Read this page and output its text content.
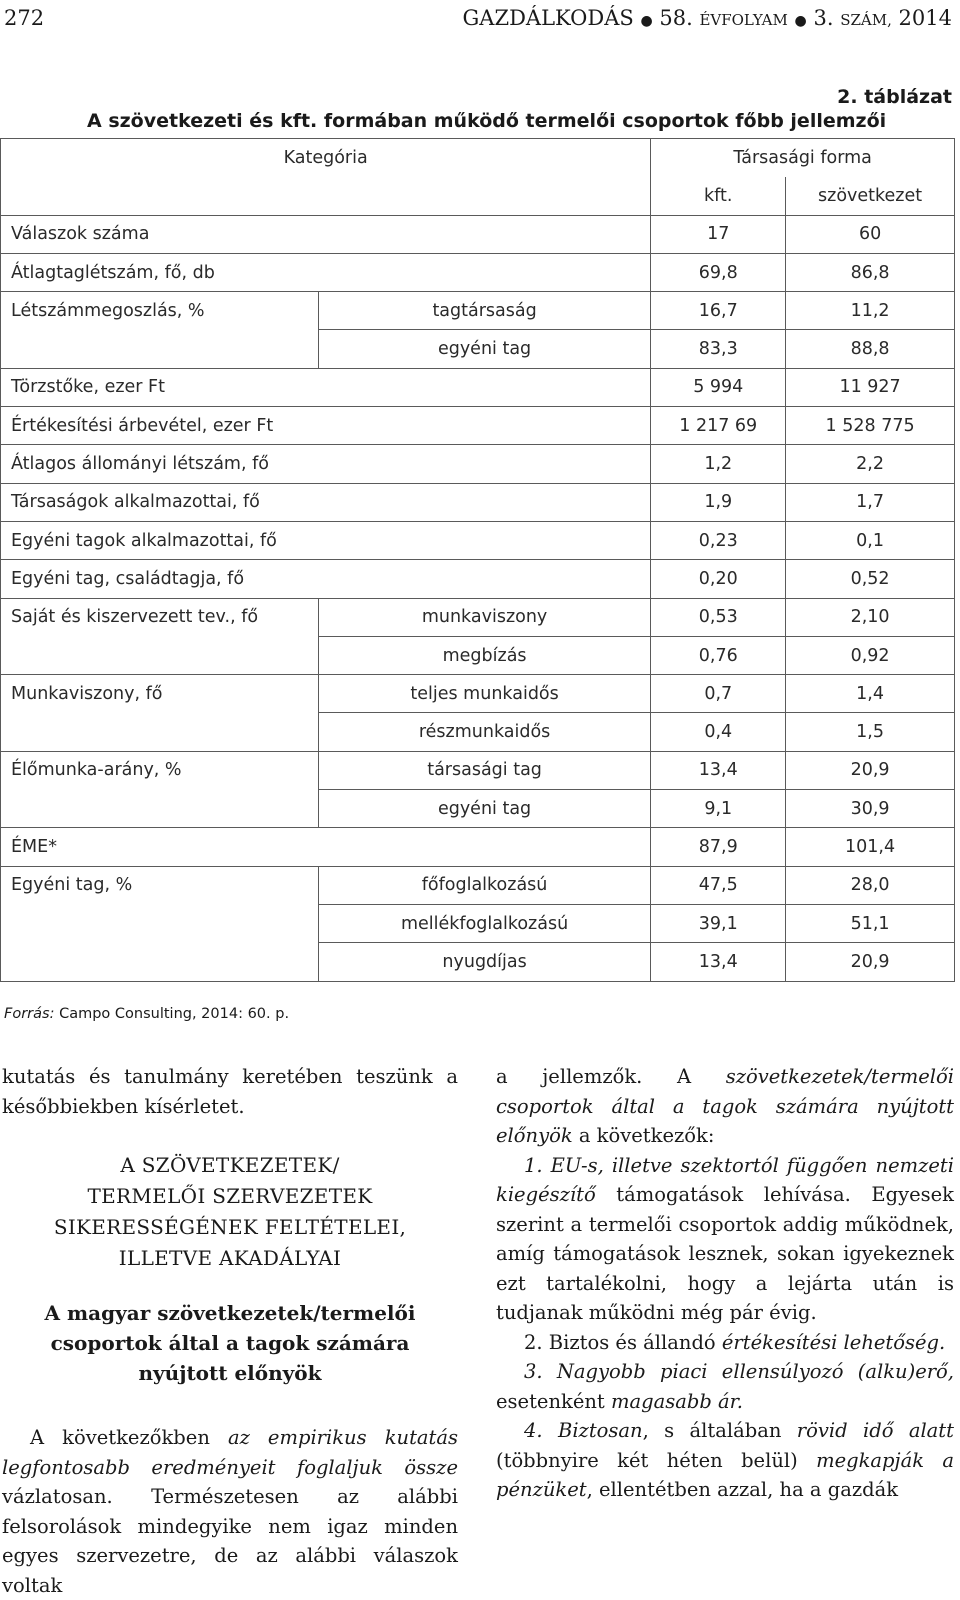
272	GAZDÁLKODÁS ● 58. ÉVFOLYAM ● 3. SZÁM, 2014
2. táblázat
A szövetkezeti és kft. formában működő termelői csoportok főbb jellemzői
Kategória		Társasági forma	
		kft.	szövetkezet
Válaszok száma		17	60
Átlagtaglétszám, fő, db		69,8	86,8
Létszámmegoszlás, %	tagtársaság	16,7	11,2
	egyéni tag	83,3	88,8
Törzstőke, ezer Ft		5 994	11 927
Értékesítési árbevétel, ezer Ft		1 217 69	1 528 775
Átlagos állományi létszám, fő		1,2	2,2
Társaságok alkalmazottai, fő		1,9	1,7
Egyéni tagok alkalmazottai, fő		0,23	0,1
Egyéni tag, családtagja, fő		0,20	0,52
Saját és kiszervezett tev., fő	munkaviszony	0,53	2,10
	megbízás	0,76	0,92
Munkaviszony, fő	teljes munkaidős	0,7	1,4
	részmunkaidős	0,4	1,5
Élőmunka-arány, %	társasági tag	13,4	20,9
	egyéni tag	9,1	30,9
ÉME*		87,9	101,4
Egyéni tag, %	főfoglalkozású	47,5	28,0
	mellékfoglalkozású	39,1	51,1
	nyugdíjas	13,4	20,9
Forrás: Campo Consulting, 2014: 60. p.

kutatás és tanulmány keretében teszünk a későbbiekben kísérletet.

A SZÖVETKEZETEK/
TERMELŐI SZERVEZETEK
SIKERESSÉGÉNEK FELTÉTELEI,
ILLETVE AKADÁLYAI
A magyar szövetkezetek/termelői
csoportok által a tagok számára
nyújtott előnyök

A következőkben az empirikus kutatás legfontosabb eredményeit foglaljuk össze vázlatosan. Természetesen az alábbi felsorolások mindegyike nem igaz minden egyes szervezetre, de az alábbi válaszok voltak

a jellemzők. A szövetkezetek/termelői csoportok által a tagok számára nyújtott előnyök a következők:

1. EU-s, illetve szektortól függően nemzeti kiegészítő támogatások lehívása. Egyesek szerint a termelői csoportok addig működnek, amíg támogatások lesznek, sokan igyekeznek ezt tartalékolni, hogy a lejárta után is tudjanak működni még pár évig.

2. Biztos és állandó értékesítési lehetőség.

3. Nagyobb piaci ellensúlyozó (alku)erő, esetenként magasabb ár.

4. Biztosan, s általában rövid idő alatt (többnyire két héten belül) megkapják a pénzüket, ellentétben azzal, ha a gazdák
